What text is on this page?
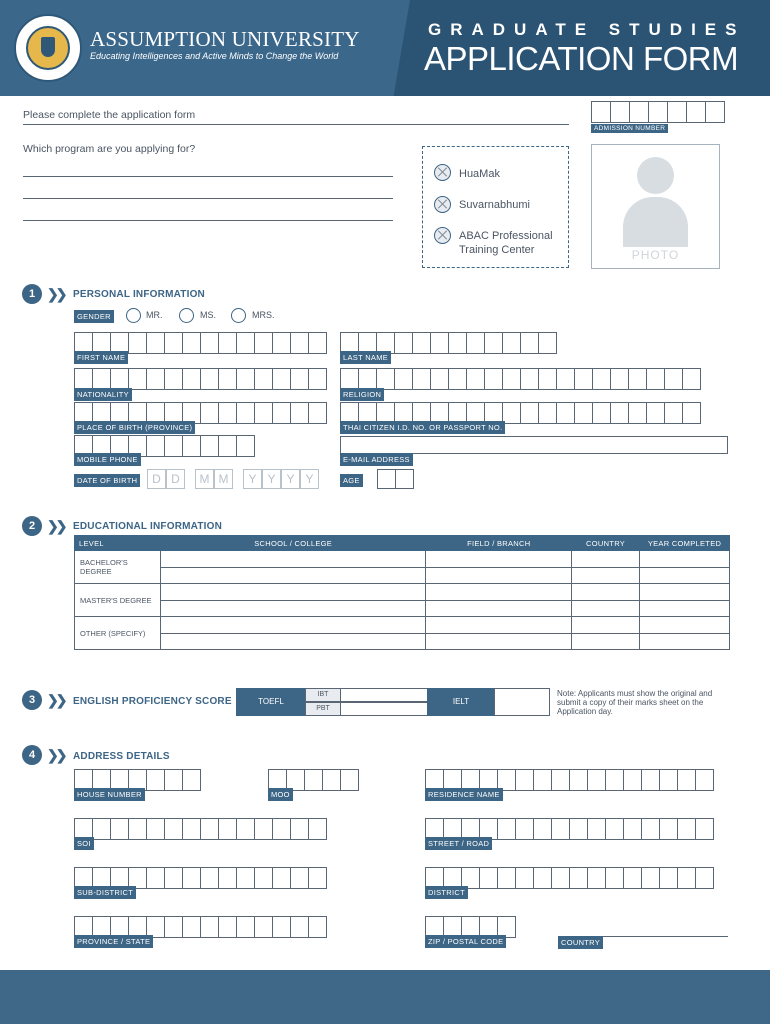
ASSUMPTION UNIVERSITY
Educating Intelligences and Active Minds to Change the World
GRADUATE STUDIES
APPLICATION FORM
Please complete the application form
ADMISSION NUMBER
Which program are you applying for?
HuaMak
Suvarnabhumi
ABAC Professional Training Center	PHOTO
1 ❯❯ PERSONAL INFORMATION
GENDER	MR.	MS.	MRS.
FIRST NAME	LAST NAME
NATIONALITY	RELIGION
PLACE OF BIRTH (PROVINCE)	THAI CITIZEN I.D. NO. OR PASSPORT NO.
MOBILE PHONE	E-MAIL ADDRESS
DATE OF BIRTH	D D	M M	Y Y Y Y	AGE
2 ❯❯ EDUCATIONAL INFORMATION
LEVEL	SCHOOL / COLLEGE	FIELD / BRANCH	COUNTRY	YEAR COMPLETED
BACHELOR'S DEGREE				

MASTER'S DEGREE				

OTHER (SPECIFY)				

3 ❯❯ ENGLISH PROFICIENCY SCORE	TOEFL
IBT
PBT
IELT
Note: Applicants must show the original and submit a copy of their marks sheet on the Application day.
4 ❯❯ ADDRESS DETAILS
HOUSE NUMBER	MOO	RESIDENCE NAME
SOI	STREET / ROAD
SUB-DISTRICT	DISTRICT
PROVINCE / STATE	ZIP / POSTAL CODE	COUNTRY
